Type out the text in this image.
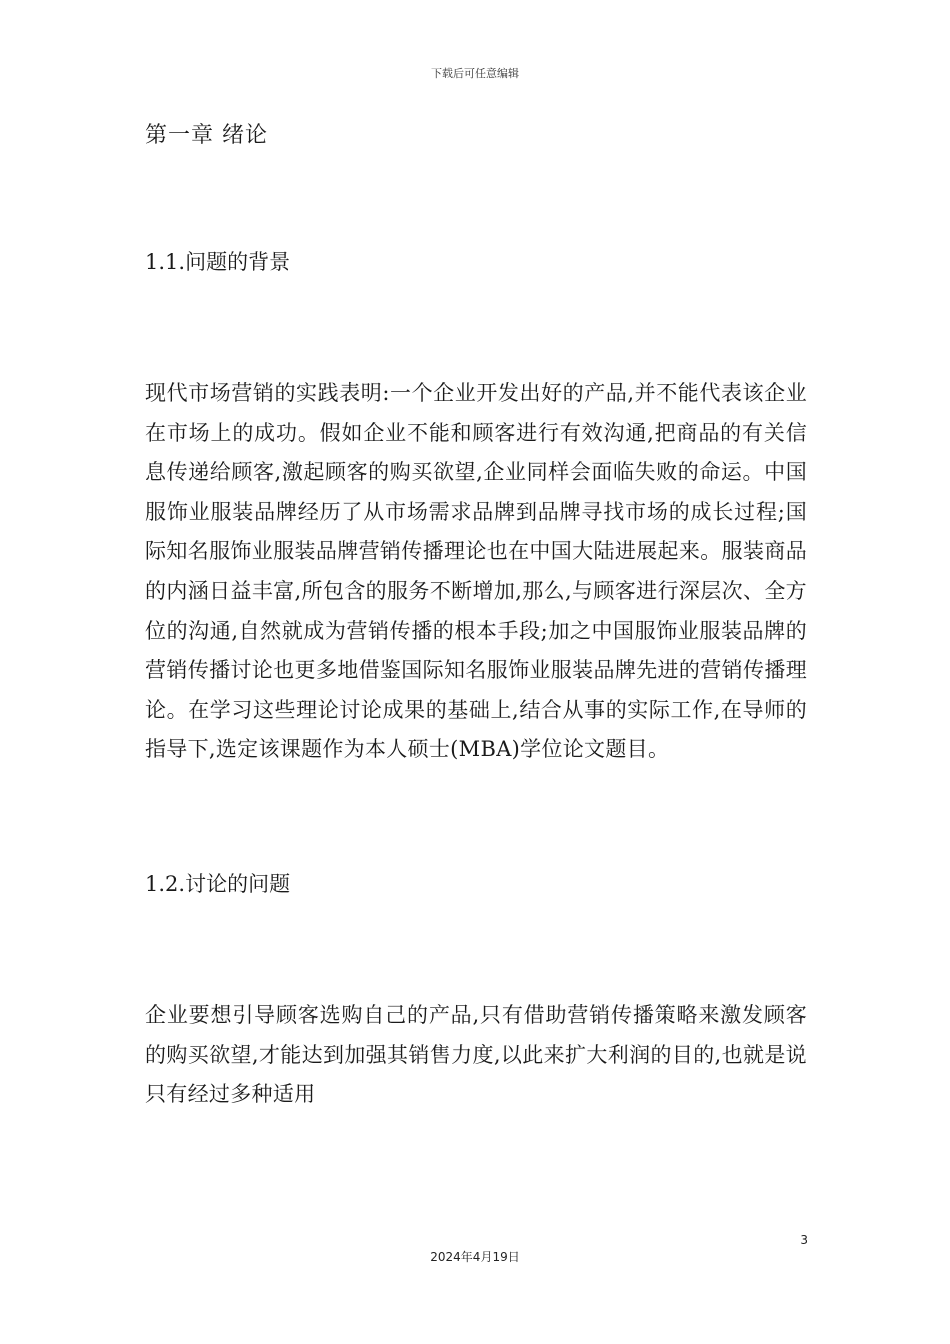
下载后可任意编辑
第一章 绪论
1.1.问题的背景

现代市场营销的实践表明:一个企业开发出好的产品,并不能代表该企业在市场上的成功。假如企业不能和顾客进行有效沟通,把商品的有关信息传递给顾客,激起顾客的购买欲望,企业同样会面临失败的命运。中国服饰业服装品牌经历了从市场需求品牌到品牌寻找市场的成长过程;国际知名服饰业服装品牌营销传播理论也在中国大陆进展起来。服装商品的内涵日益丰富,所包含的服务不断增加,那么,与顾客进行深层次、全方位的沟通,自然就成为营销传播的根本手段;加之中国服饰业服装品牌的营销传播讨论也更多地借鉴国际知名服饰业服装品牌先进的营销传播理论。在学习这些理论讨论成果的基础上,结合从事的实际工作,在导师的指导下,选定该课题作为本人硕士(MBA)学位论文题目。

1.2.讨论的问题

企业要想引导顾客选购自己的产品,只有借助营销传播策略来激发顾客的购买欲望,才能达到加强其销售力度,以此来扩大利润的目的,也就是说只有经过多种适用

3
2024年4月19日
